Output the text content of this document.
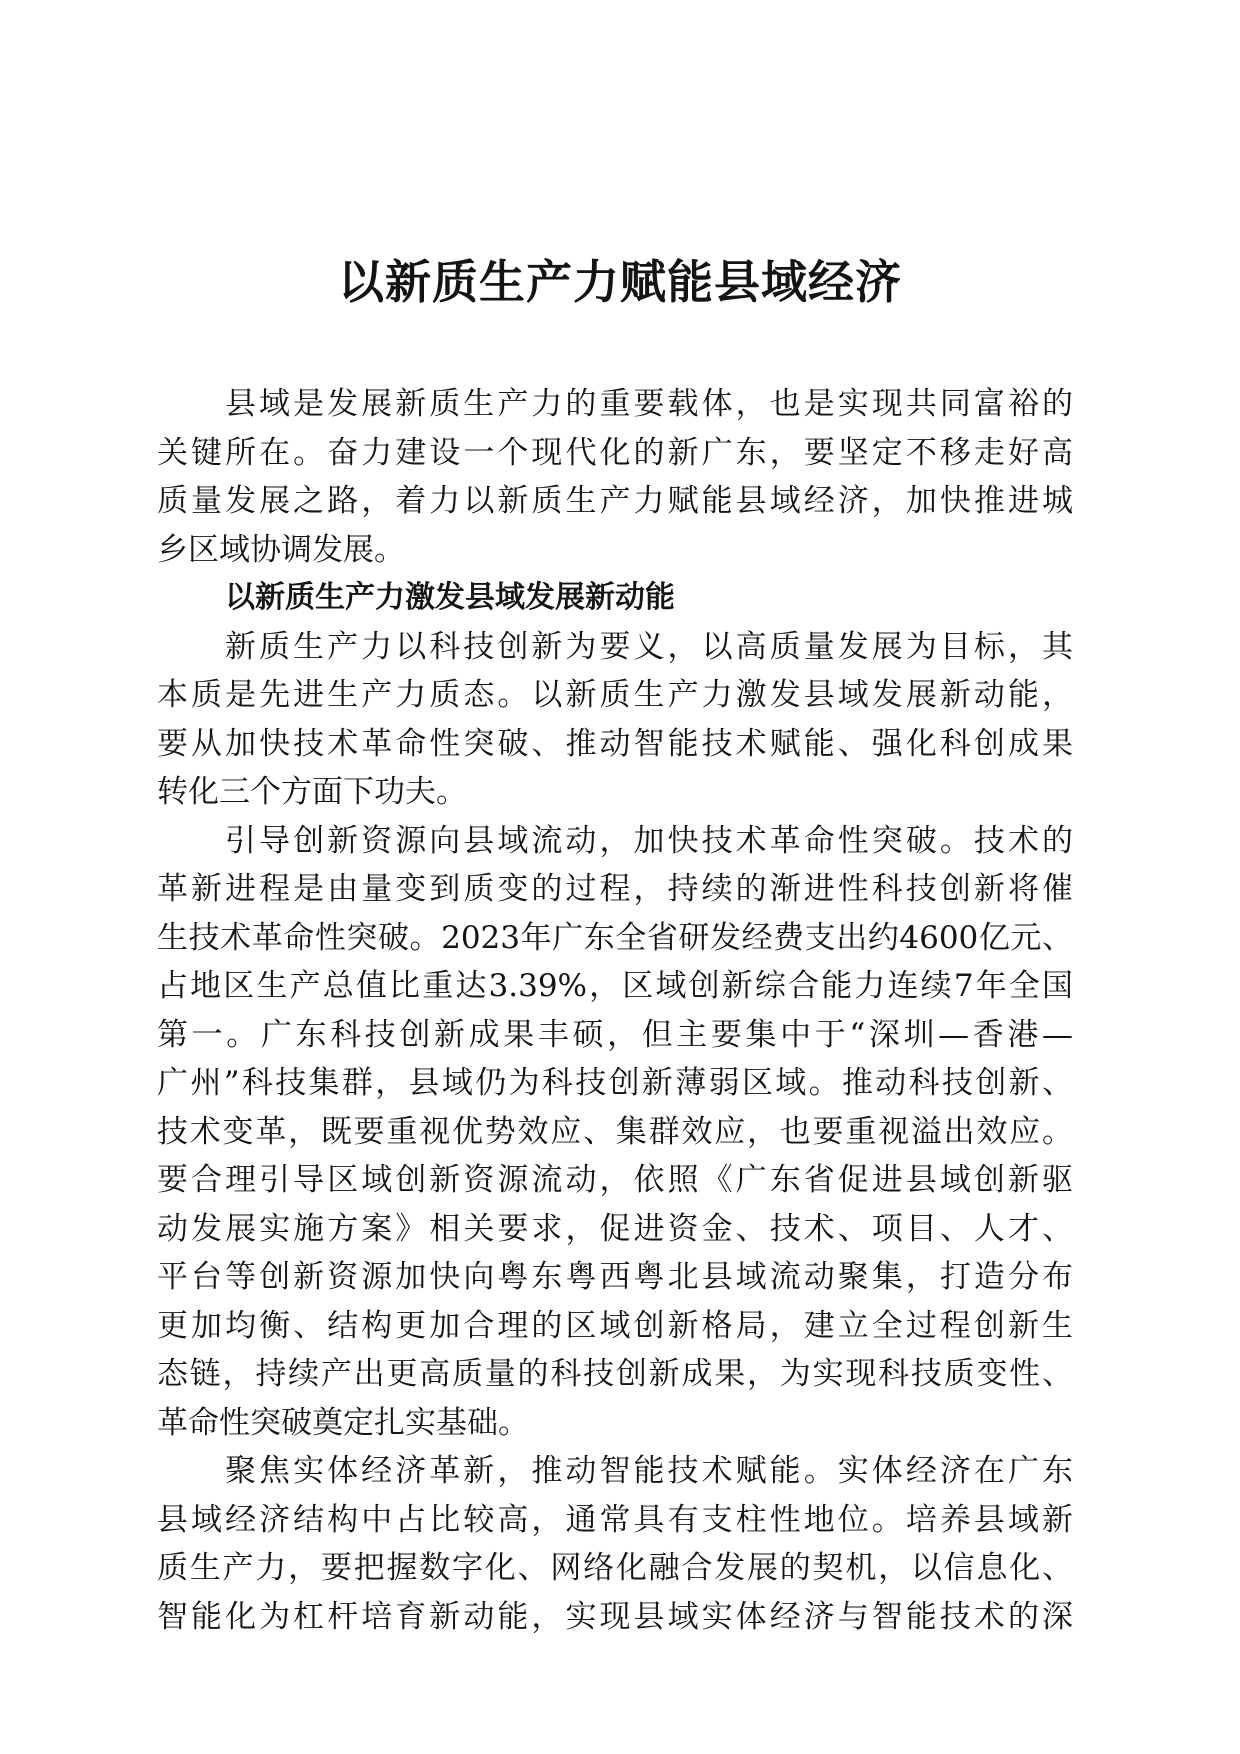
以新质生产力赋能县域经济
县域是发展新质生产力的重要载体，也是实现共同富裕的
关键所在。奋力建设一个现代化的新广东，要坚定不移走好高
质量发展之路，着力以新质生产力赋能县域经济，加快推进城
乡区域协调发展。
以新质生产力激发县域发展新动能
新质生产力以科技创新为要义，以高质量发展为目标，其
本质是先进生产力质态。以新质生产力激发县域发展新动能，
要从加快技术革命性突破、推动智能技术赋能、强化科创成果
转化三个方面下功夫。
引导创新资源向县域流动，加快技术革命性突破。技术的
革新进程是由量变到质变的过程，持续的渐进性科技创新将催
生技术革命性突破。2023年广东全省研发经费支出约4600亿元、
占地区生产总值比重达3.39%，区域创新综合能力连续7年全国
第一。广东科技创新成果丰硕，但主要集中于“深圳—香港—
广州”科技集群，县域仍为科技创新薄弱区域。推动科技创新、
技术变革，既要重视优势效应、集群效应，也要重视溢出效应。
要合理引导区域创新资源流动，依照《广东省促进县域创新驱
动发展实施方案》相关要求，促进资金、技术、项目、人才、
平台等创新资源加快向粤东粤西粤北县域流动聚集，打造分布
更加均衡、结构更加合理的区域创新格局，建立全过程创新生
态链，持续产出更高质量的科技创新成果，为实现科技质变性、
革命性突破奠定扎实基础。
聚焦实体经济革新，推动智能技术赋能。实体经济在广东
县域经济结构中占比较高，通常具有支柱性地位。培养县域新
质生产力，要把握数字化、网络化融合发展的契机，以信息化、
智能化为杠杆培育新动能，实现县域实体经济与智能技术的深
